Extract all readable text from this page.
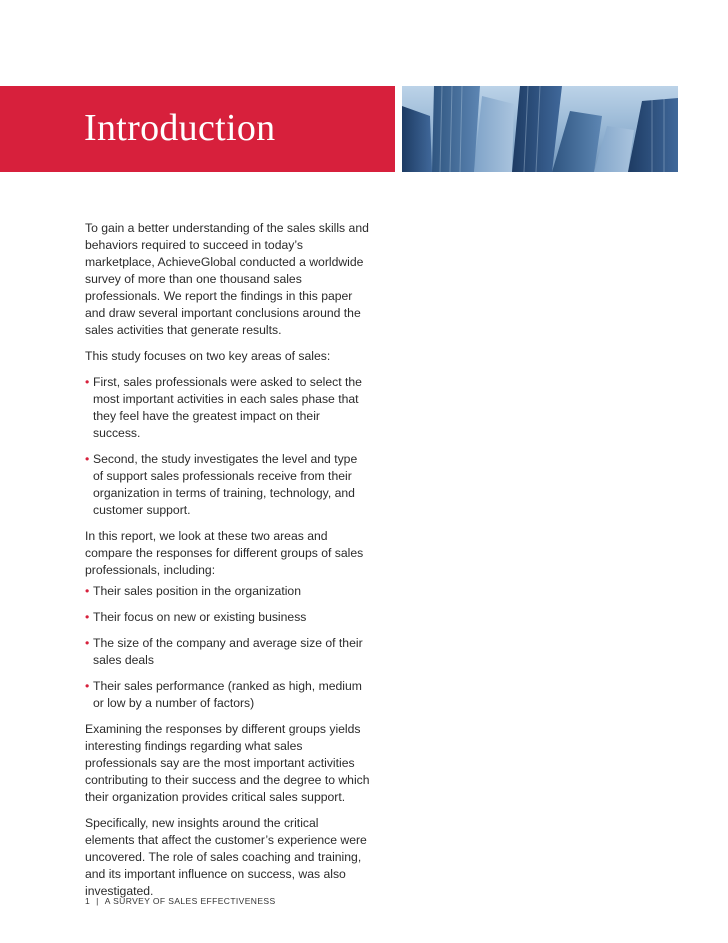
Introduction

To gain a better understanding of the sales skills and behaviors required to succeed in today’s marketplace, AchieveGlobal conducted a worldwide survey of more than one thousand sales professionals. We report the findings in this paper and draw several important conclusions around the sales activities that generate results.

This study focuses on two key areas of sales:

• First, sales professionals were asked to select the most important activities in each sales phase that they feel have the greatest impact on their success.
• Second, the study investigates the level and type of support sales professionals receive from their organization in terms of training, technology, and customer support.

In this report, we look at these two areas and compare the responses for different groups of sales professionals, including:

• Their sales position in the organization
• Their focus on new or existing business
• The size of the company and average size of their sales deals
• Their sales performance (ranked as high, medium or low by a number of factors)

Examining the responses by different groups yields interesting findings regarding what sales professionals say are the most important activities contributing to their success and the degree to which their organization provides critical sales support.

Specifically, new insights around the critical elements that affect the customer’s experience were uncovered. The role of sales coaching and training, and its important influence on success, was also investigated.

1 | A SURVEY OF SALES EFFECTIVENESS
